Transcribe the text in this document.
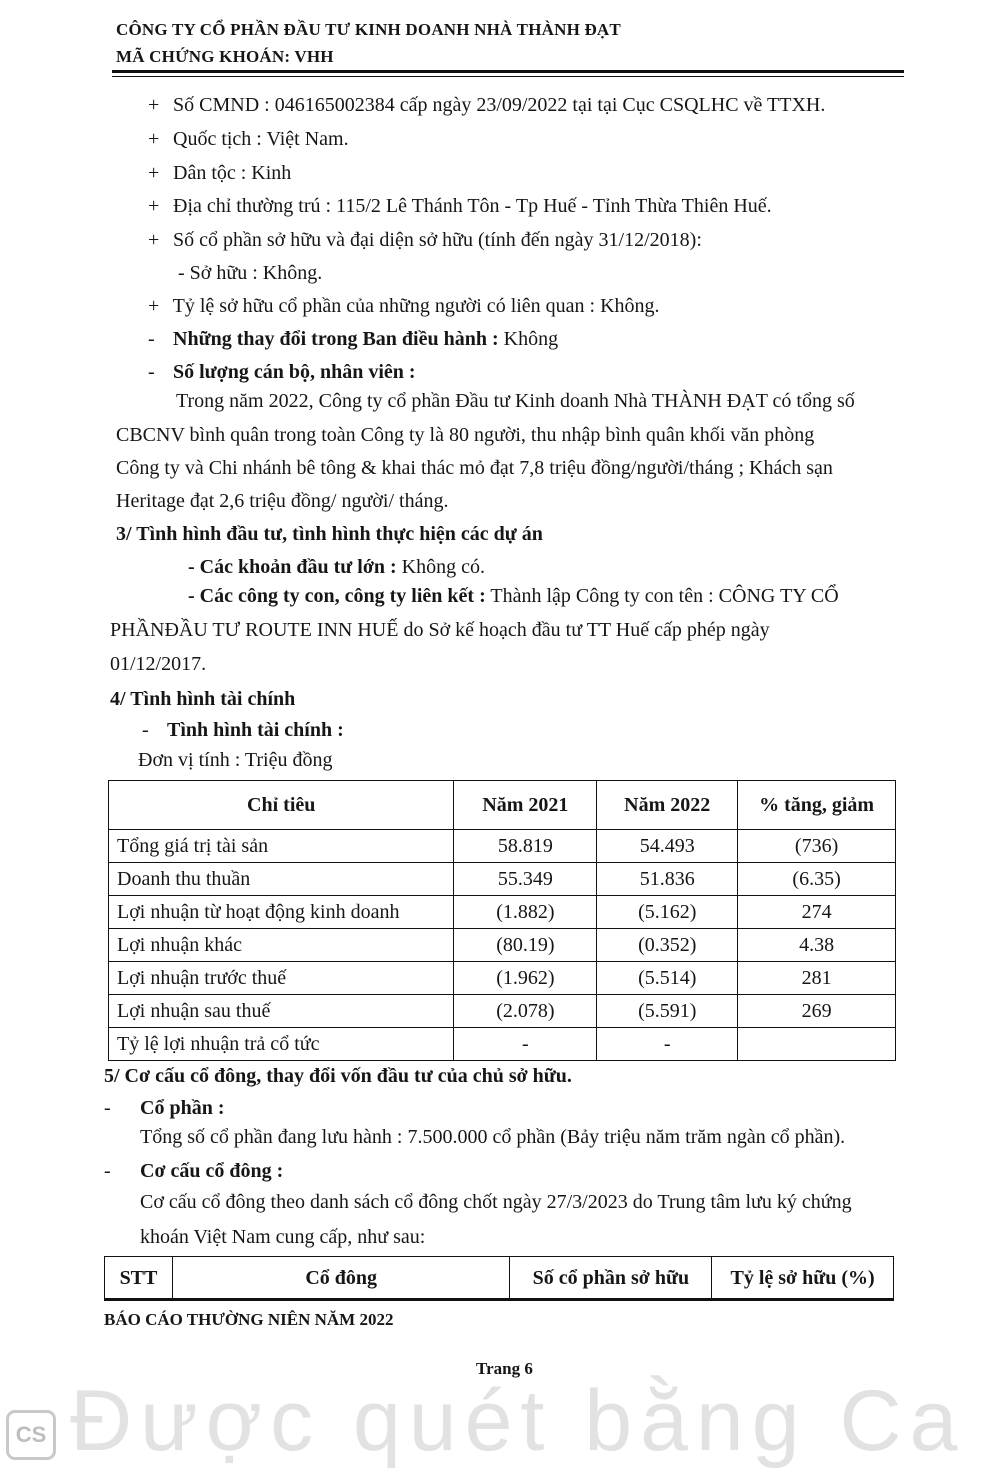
CÔNG TY CỔ PHẦN ĐẦU TƯ KINH DOANH NHÀ THÀNH ĐẠT
MÃ CHỨNG KHOÁN: VHH
+ Số CMND : 046165002384 cấp ngày 23/09/2022 tại tại Cục CSQLHC về TTXH.
+ Quốc tịch : Việt Nam.
+ Dân tộc : Kinh
+ Địa chỉ thường trú : 115/2 Lê Thánh Tôn - Tp Huế - Tỉnh Thừa Thiên Huế.
+ Số cổ phần sở hữu và đại diện sở hữu (tính đến ngày 31/12/2018):
- Sở hữu : Không.
+ Tỷ lệ sở hữu cổ phần của những người có liên quan : Không.
- Những thay đổi trong Ban điều hành : Không
- Số lượng cán bộ, nhân viên :
Trong năm 2022, Công ty cổ phần Đầu tư Kinh doanh Nhà THÀNH ĐẠT có tổng số
CBCNV bình quân trong toàn Công ty là 80 người, thu nhập bình quân khối văn phòng
Công ty và Chi nhánh bê tông & khai thác mỏ đạt 7,8 triệu đồng/người/tháng ; Khách sạn
Heritage đạt 2,6 triệu đồng/ người/ tháng.
3/ Tình hình đầu tư, tình hình thực hiện các dự án
- Các khoản đầu tư lớn : Không có.
- Các công ty con, công ty liên kết : Thành lập Công ty con tên : CÔNG TY CỔ
PHẦNĐẦU TƯ ROUTE INN HUẾ do Sở kế hoạch đầu tư TT Huế cấp phép ngày
01/12/2017.
4/ Tình hình tài chính
- Tình hình tài chính :
Đơn vị tính : Triệu đồng
Chỉ tiêu	Năm 2021	Năm 2022	% tăng, giảm
Tổng giá trị tài sản	58.819	54.493	(736)
Doanh thu thuần	55.349	51.836	(6.35)
Lợi nhuận từ hoạt động kinh doanh	(1.882)	(5.162)	274
Lợi nhuận khác	(80.19)	(0.352)	4.38
Lợi nhuận trước thuế	(1.962)	(5.514)	281
Lợi nhuận sau thuế	(2.078)	(5.591)	269
Tỷ lệ lợi nhuận trả cổ tức	-	-	
5/ Cơ cấu cổ đông, thay đổi vốn đầu tư của chủ sở hữu.
- Cổ phần :
Tổng số cổ phần đang lưu hành : 7.500.000 cổ phần (Bảy triệu năm trăm ngàn cổ phần).
- Cơ cấu cổ đông :
Cơ cấu cổ đông theo danh sách cổ đông chốt ngày 27/3/2023 do Trung tâm lưu ký chứng
khoán Việt Nam cung cấp, như sau:
STT	Cổ đông	Số cổ phần sở hữu	Tỷ lệ sở hữu (%)
BÁO CÁO THƯỜNG NIÊN NĂM 2022
Trang 6
CS Được quét bằng Ca
